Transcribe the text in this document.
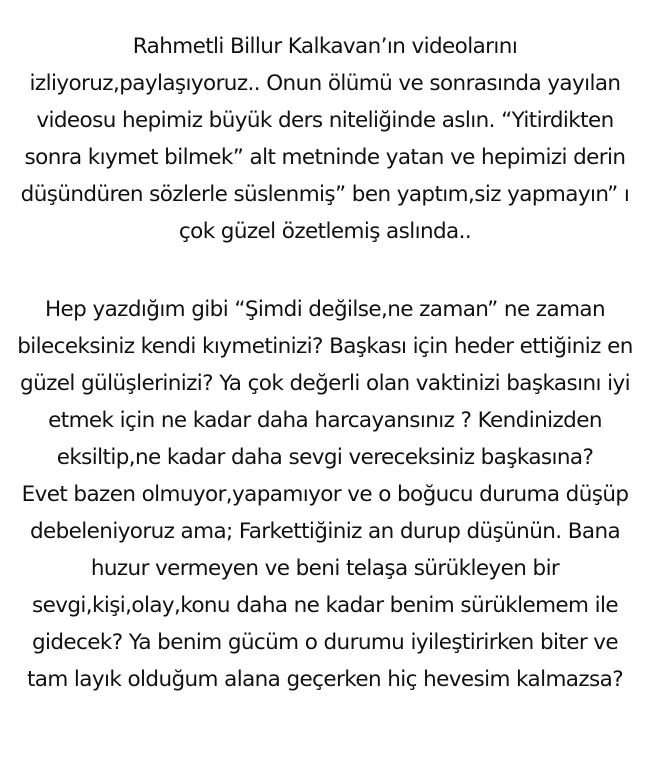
Rahmetli Billur Kalkavan’ın videolarını
izliyoruz,paylaşıyoruz.. Onun ölümü ve sonrasında yayılan
videosu hepimiz büyük ders niteliğinde aslın. “Yitirdikten
sonra kıymet bilmek” alt metninde yatan ve hepimizi derin
düşündüren sözlerle süslenmiş” ben yaptım,siz yapmayın” ı
çok güzel özetlemiş aslında..
Hep yazdığım gibi “Şimdi değilse,ne zaman” ne zaman
bileceksiniz kendi kıymetinizi? Başkası için heder ettiğiniz en
güzel gülüşlerinizi? Ya çok değerli olan vaktinizi başkasını iyi
etmek için ne kadar daha harcayansınız ? Kendinizden
eksiltip,ne kadar daha sevgi vereceksiniz başkasına?
Evet bazen olmuyor,yapamıyor ve o boğucu duruma düşüp
debeleniyoruz ama; Farkettiğiniz an durup düşünün. Bana
huzur vermeyen ve beni telaşa sürükleyen bir
sevgi,kişi,olay,konu daha ne kadar benim sürüklemem ile
gidecek? Ya benim gücüm o durumu iyileştirirken biter ve
tam layık olduğum alana geçerken hiç hevesim kalmazsa?
